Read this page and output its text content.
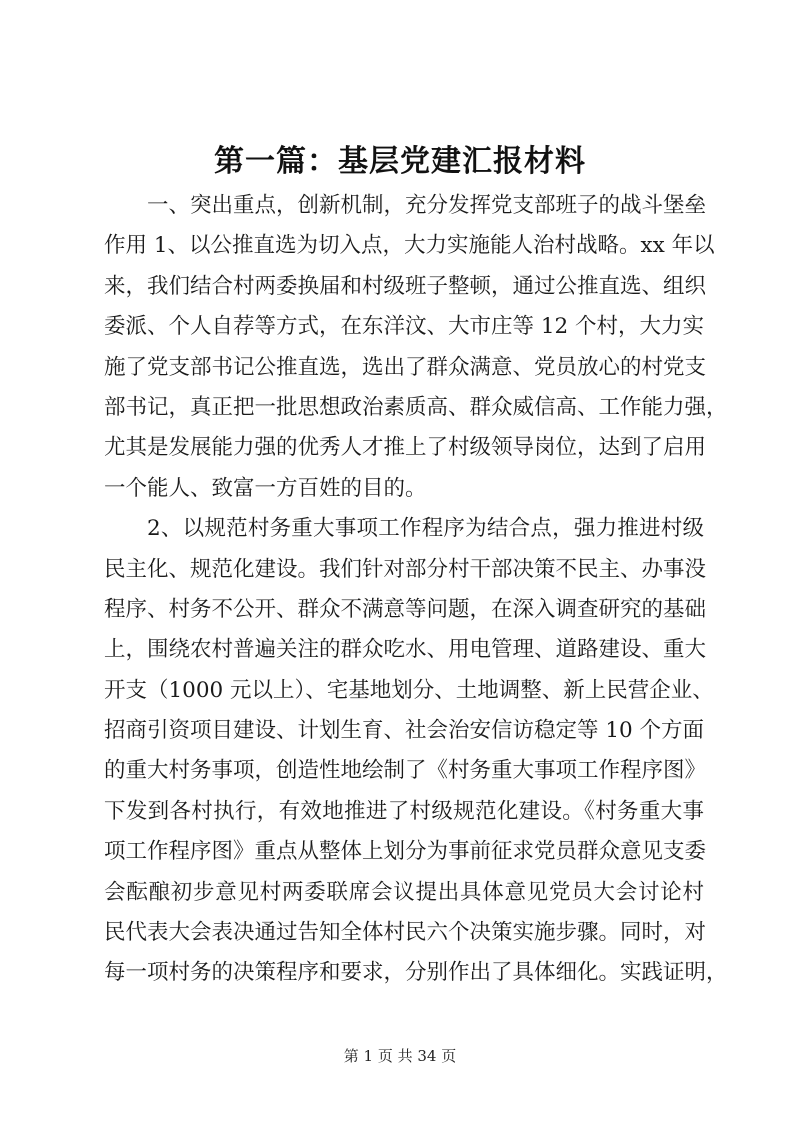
第一篇：基层党建汇报材料
一、突出重点，创新机制，充分发挥党支部班子的战斗堡垒
作用 1、以公推直选为切入点，大力实施能人治村战略。xx 年以
来，我们结合村两委换届和村级班子整顿，通过公推直选、组织
委派、个人自荐等方式，在东洋汶、大市庄等 12 个村，大力实
施了党支部书记公推直选，选出了群众满意、党员放心的村党支
部书记，真正把一批思想政治素质高、群众威信高、工作能力强，
尤其是发展能力强的优秀人才推上了村级领导岗位，达到了启用
一个能人、致富一方百姓的目的。
2、以规范村务重大事项工作程序为结合点，强力推进村级
民主化、规范化建设。我们针对部分村干部决策不民主、办事没
程序、村务不公开、群众不满意等问题，在深入调查研究的基础
上，围绕农村普遍关注的群众吃水、用电管理、道路建设、重大
开支（1000 元以上）、宅基地划分、土地调整、新上民营企业、
招商引资项目建设、计划生育、社会治安信访稳定等 10 个方面
的重大村务事项，创造性地绘制了《村务重大事项工作程序图》
下发到各村执行，有效地推进了村级规范化建设。《村务重大事
项工作程序图》重点从整体上划分为事前征求党员群众意见支委
会酝酿初步意见村两委联席会议提出具体意见党员大会讨论村
民代表大会表决通过告知全体村民六个决策实施步骤。同时，对
每一项村务的决策程序和要求，分别作出了具体细化。实践证明，
第 1 页 共 34 页
